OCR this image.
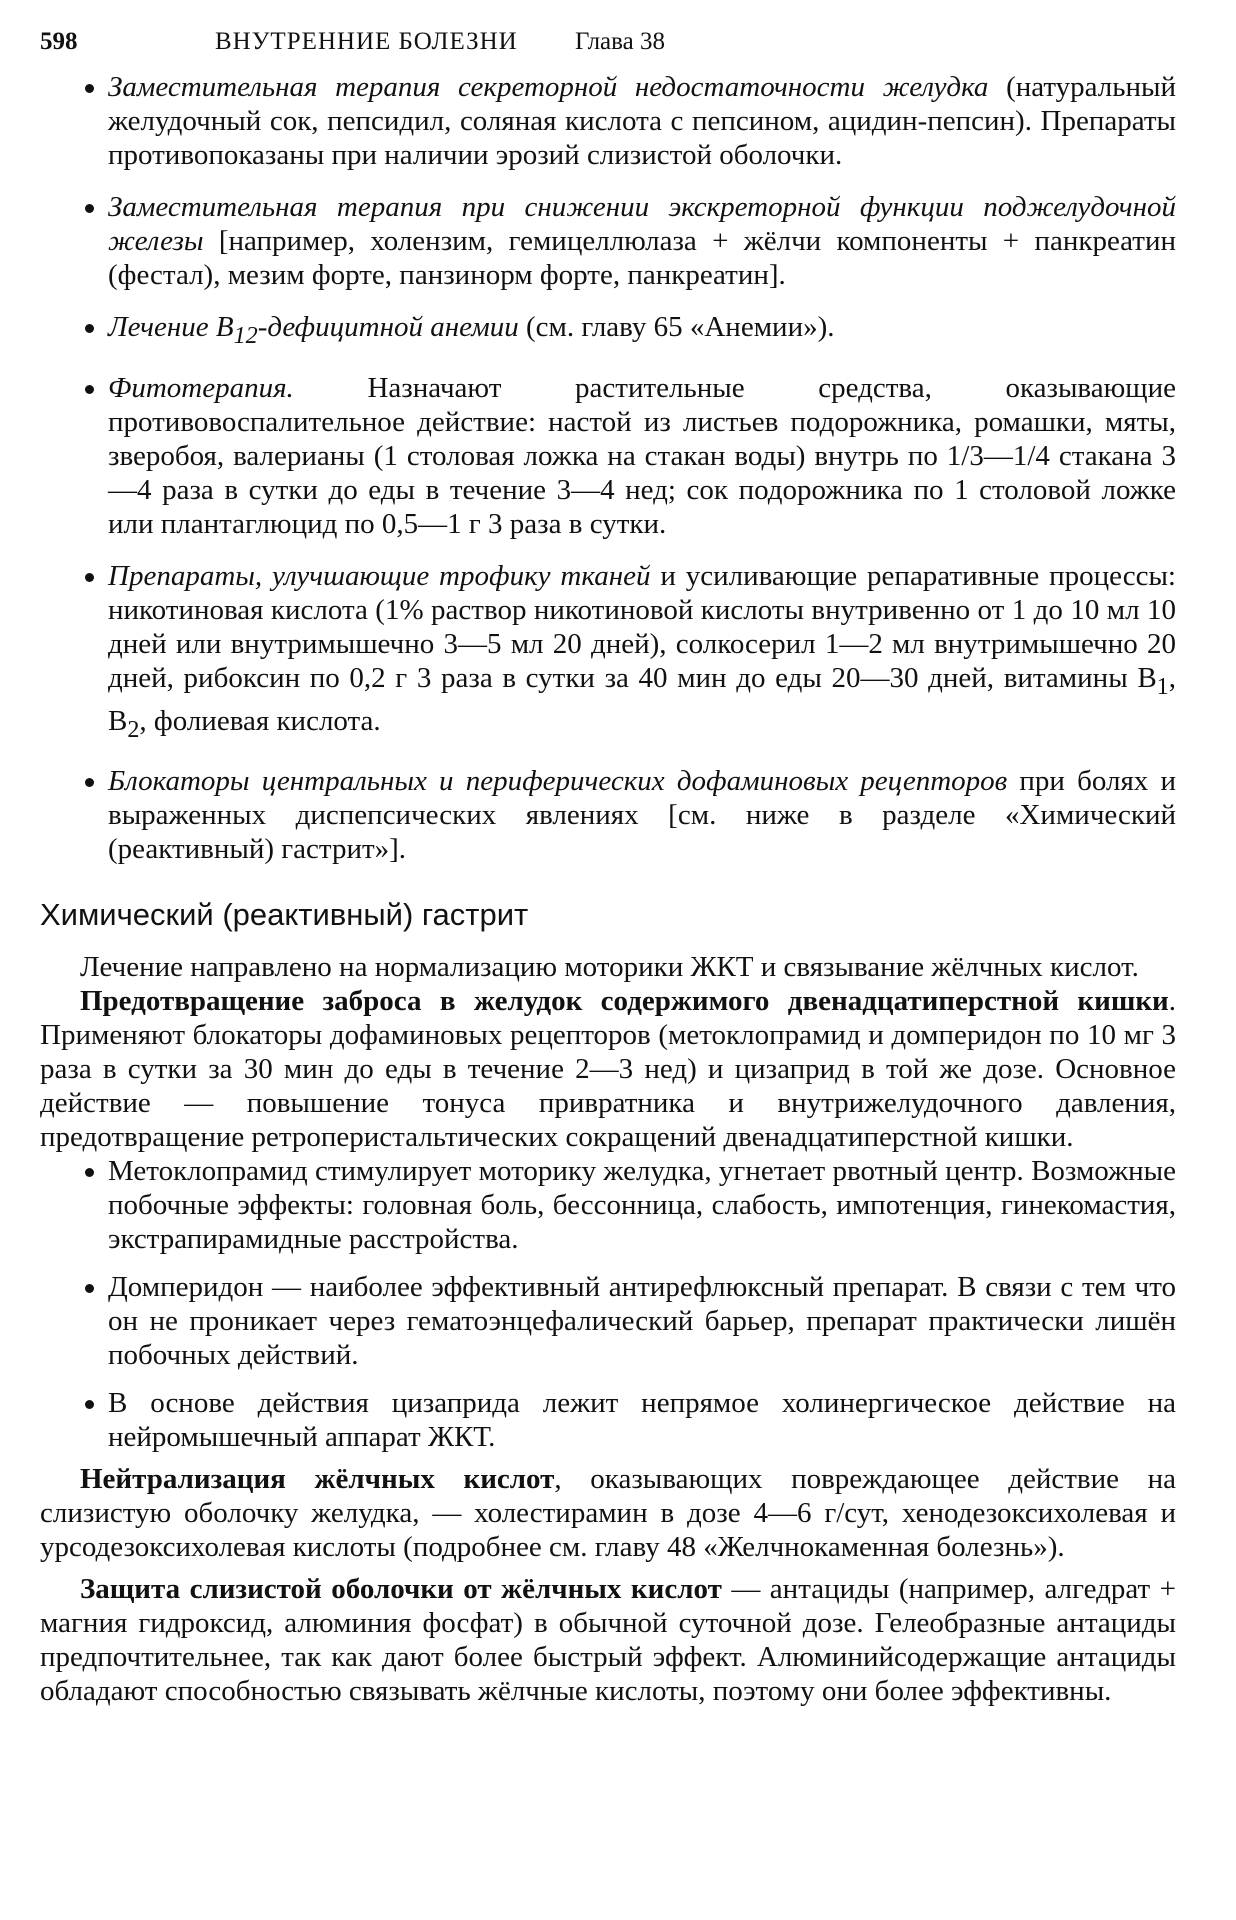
598	ВНУТРЕННИЕ БОЛЕЗНИ	Глава 38
Заместительная терапия секреторной недостаточности желудка (натуральный желудочный сок, пепсидил, соляная кислота с пепсином, ацидин-пепсин). Препараты противопоказаны при наличии эрозий слизистой оболочки.
Заместительная терапия при снижении экскреторной функции поджелудочной железы [например, холензим, гемицеллюлаза + жёлчи компоненты + панкреатин (фестал), мезим форте, панзинорм форте, панкреатин].
Лечение $B_{12}$-дефицитной анемии (см. главу 65 «Анемии»).
Фитотерапия. Назначают растительные средства, оказывающие противовоспалительное действие: настой из листьев подорожника, ромашки, мяты, зверобоя, валерианы (1 столовая ложка на стакан воды) внутрь по 1/3—1/4 стакана 3—4 раза в сутки до еды в течение 3—4 нед; сок подорожника по 1 столовой ложке или плантаглюцид по 0,5—1 г 3 раза в сутки.
Препараты, улучшающие трофику тканей и усиливающие репаративные процессы: никотиновая кислота (1% раствор никотиновой кислоты внутривенно от 1 до 10 мл 10 дней или внутримышечно 3—5 мл 20 дней), солкосерил 1—2 мл внутримышечно 20 дней, рибоксин по 0,2 г 3 раза в сутки за 40 мин до еды 20—30 дней, витамины $B_1$, $B_2$, фолиевая кислота.
Блокаторы центральных и периферических дофаминовых рецепторов при болях и выраженных диспепсических явлениях [см. ниже в разделе «Химический (реактивный) гастрит»].
Химический (реактивный) гастрит

Лечение направлено на нормализацию моторики ЖКТ и связывание жёлчных кислот.

Предотвращение заброса в желудок содержимого двенадцатиперстной кишки. Применяют блокаторы дофаминовых рецепторов (метоклопрамид и домперидон по 10 мг 3 раза в сутки за 30 мин до еды в течение 2—3 нед) и цизаприд в той же дозе. Основное действие — повышение тонуса привратника и внутрижелудочного давления, предотвращение ретроперистальтических сокращений двенадцатиперстной кишки.

Метоклопрамид стимулирует моторику желудка, угнетает рвотный центр. Возможные побочные эффекты: головная боль, бессонница, слабость, импотенция, гинекомастия, экстрапирамидные расстройства.
Домперидон — наиболее эффективный антирефлюксный препарат. В связи с тем что он не проникает через гематоэнцефалический барьер, препарат практически лишён побочных действий.
В основе действия цизаприда лежит непрямое холинергическое действие на нейромышечный аппарат ЖКТ.

Нейтрализация жёлчных кислот, оказывающих повреждающее действие на слизистую оболочку желудка, — холестирамин в дозе 4—6 г/сут, хенодезоксихолевая и урсодезоксихолевая кислоты (подробнее см. главу 48 «Желчнокаменная болезнь»).

Защита слизистой оболочки от жёлчных кислот — антациды (например, алгедрат + магния гидроксид, алюминия фосфат) в обычной суточной дозе. Гелеобразные антациды предпочтительнее, так как дают более быстрый эффект. Алюминийсодержащие антациды обладают способностью связывать жёлчные кислоты, поэтому они более эффективны.
